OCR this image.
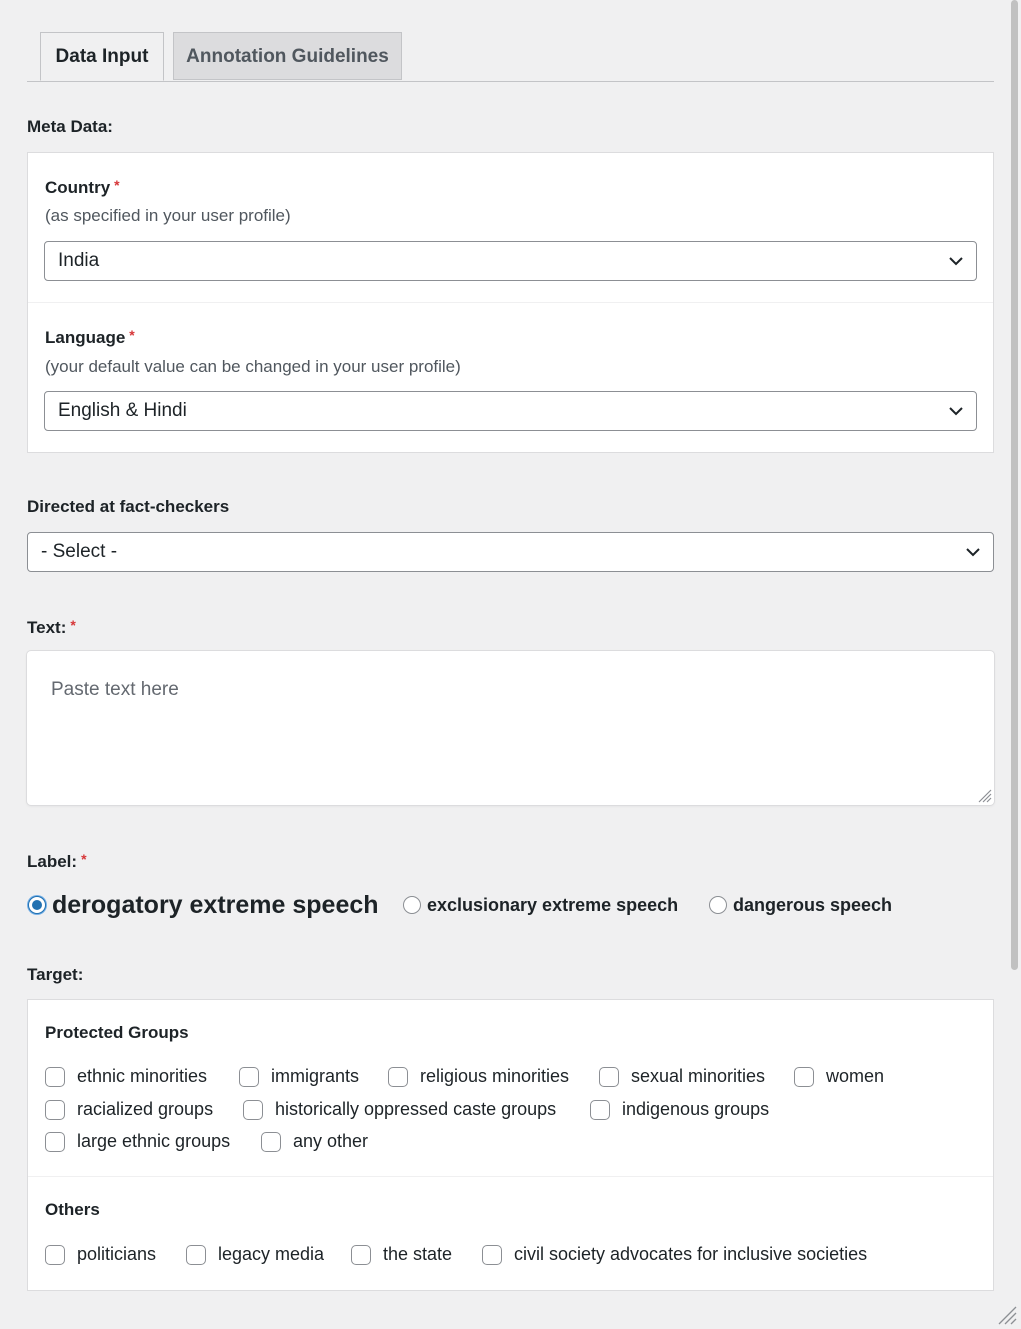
Data Input	Annotation Guidelines
Meta Data:
Country *
(as specified in your user profile)
India
Language *
(your default value can be changed in your user profile)
English & Hindi
Directed at fact-checkers
- Select -
Text: *
Paste text here
Label: *
derogatory extreme speech	exclusionary extreme speech	dangerous speech
Target:
Protected Groups
ethnic minorities	immigrants	religious minorities	sexual minorities	women
racialized groups	historically oppressed caste groups	indigenous groups
large ethnic groups	any other
Others
politicians	legacy media	the state	civil society advocates for inclusive societies
